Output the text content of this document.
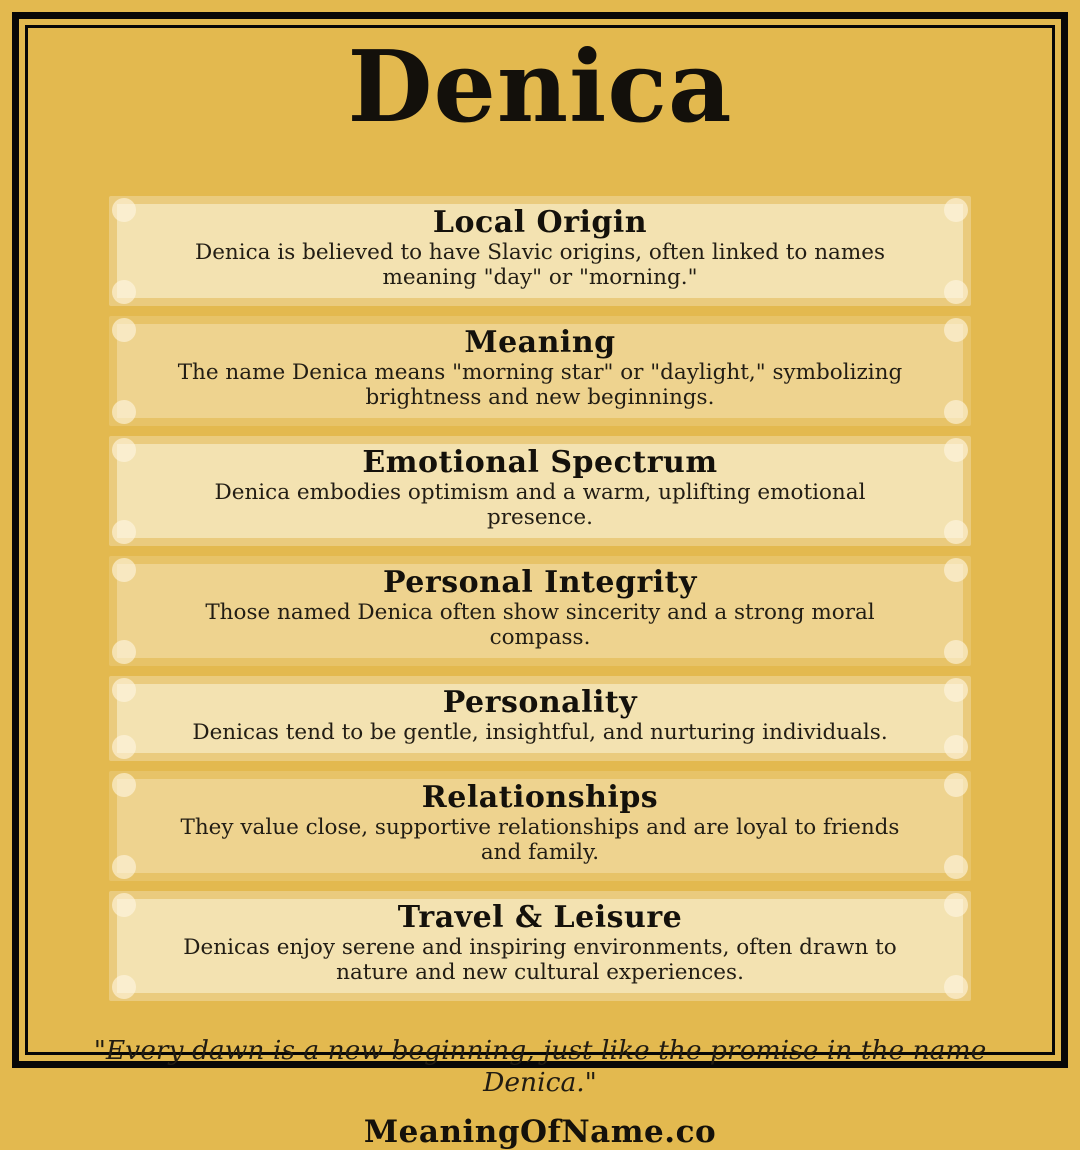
Denica
Local Origin

Denica is believed to have Slavic origins, often linked to names meaning "day" or "morning."

Meaning

The name Denica means "morning star" or "daylight," symbolizing brightness and new beginnings.

Emotional Spectrum

Denica embodies optimism and a warm, uplifting emotional presence.

Personal Integrity

Those named Denica often show sincerity and a strong moral compass.

Personality

Denicas tend to be gentle, insightful, and nurturing individuals.

Relationships

They value close, supportive relationships and are loyal to friends and family.

Travel & Leisure

Denicas enjoy serene and inspiring environments, often drawn to nature and new cultural experiences.

"Every dawn is a new beginning, just like the promise in the name Denica."

MeaningOfName.co
